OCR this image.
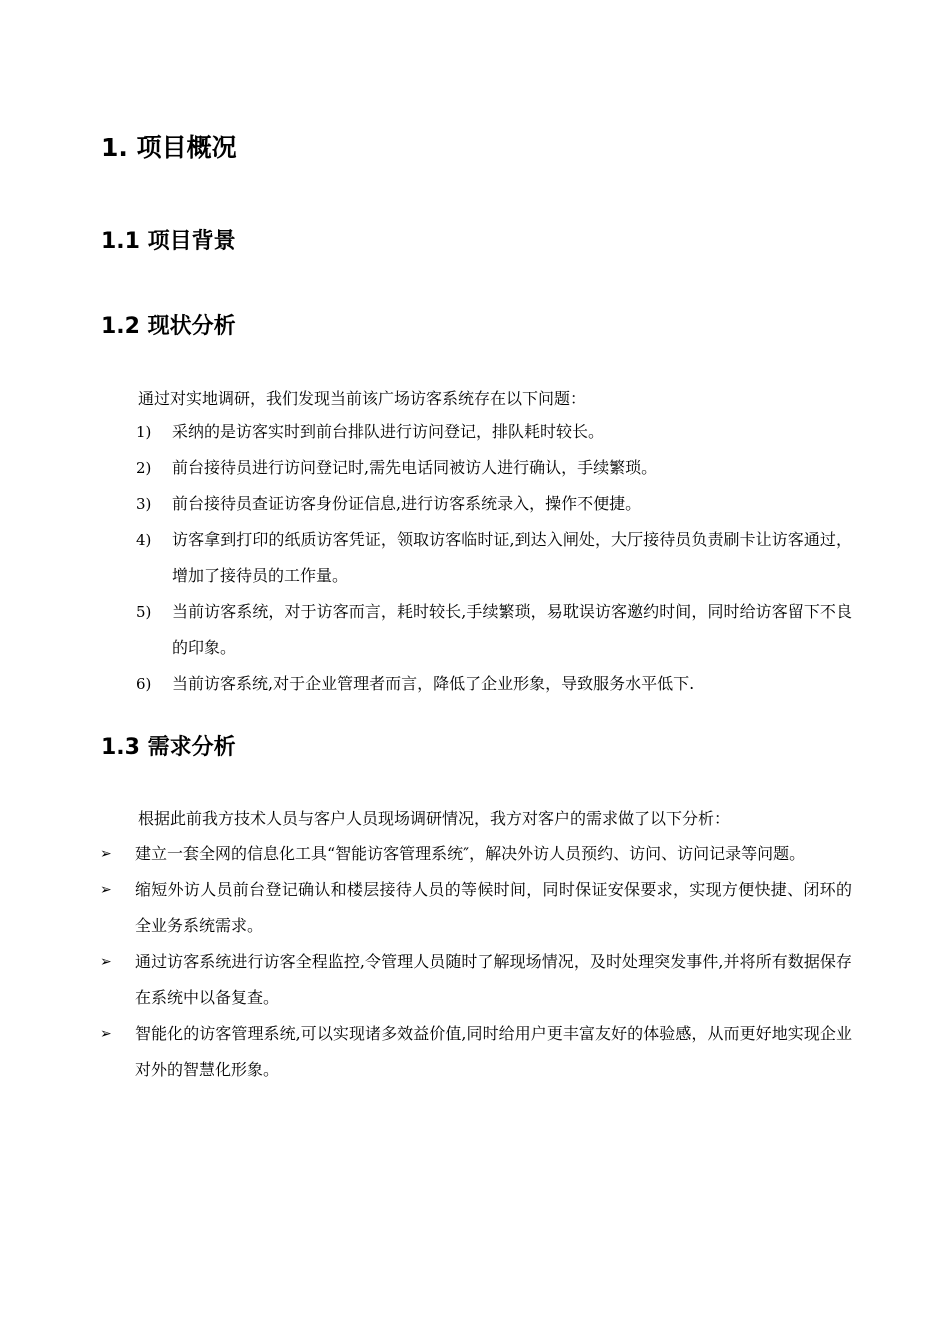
1. 项目概况
1.1 项目背景
1.2 现状分析

通过对实地调研，我们发现当前该广场访客系统存在以下问题：

1) 采纳的是访客实时到前台排队进行访问登记，排队耗时较长。
2) 前台接待员进行访问登记时,需先电话同被访人进行确认，手续繁琐。
3) 前台接待员查证访客身份证信息,进行访客系统录入，操作不便捷。
4) 访客拿到打印的纸质访客凭证，领取访客临时证,到达入闸处，大厅接待员负责刷卡让访客通过，增加了接待员的工作量。
5) 当前访客系统，对于访客而言，耗时较长,手续繁琐，易耽误访客邀约时间，同时给访客留下不良的印象。
6) 当前访客系统,对于企业管理者而言，降低了企业形象，导致服务水平低下.
1.3 需求分析

根据此前我方技术人员与客户人员现场调研情况，我方对客户的需求做了以下分析：

➢ 建立一套全网的信息化工具“智能访客管理系统″，解决外访人员预约、访问、访问记录等问题。
➢ 缩短外访人员前台登记确认和楼层接待人员的等候时间，同时保证安保要求，实现方便快捷、闭环的全业务系统需求。
➢ 通过访客系统进行访客全程监控,令管理人员随时了解现场情况，及时处理突发事件,并将所有数据保存在系统中以备复查。
➢ 智能化的访客管理系统,可以实现诸多效益价值,同时给用户更丰富友好的体验感，从而更好地实现企业对外的智慧化形象。
